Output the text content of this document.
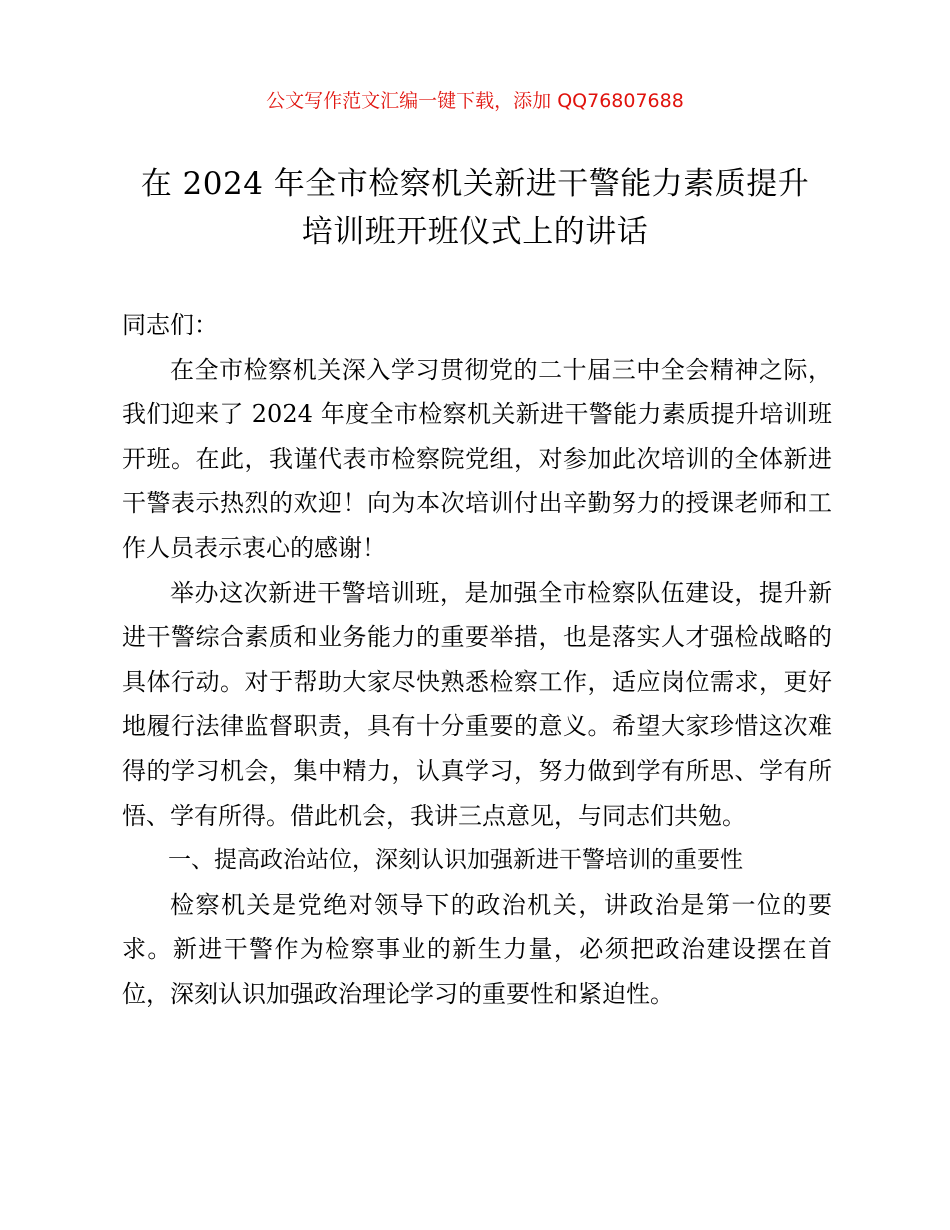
公文写作范文汇编一键下载，添加 QQ76807688
在 2024 年全市检察机关新进干警能力素质提升
培训班开班仪式上的讲话

同志们：

在全市检察机关深入学习贯彻党的二十届三中全会精神之际，我们迎来了 2024 年度全市检察机关新进干警能力素质提升培训班开班。在此，我谨代表市检察院党组，对参加此次培训的全体新进干警表示热烈的欢迎！向为本次培训付出辛勤努力的授课老师和工作人员表示衷心的感谢！

举办这次新进干警培训班，是加强全市检察队伍建设，提升新进干警综合素质和业务能力的重要举措，也是落实人才强检战略的具体行动。对于帮助大家尽快熟悉检察工作，适应岗位需求，更好地履行法律监督职责，具有十分重要的意义。希望大家珍惜这次难得的学习机会，集中精力，认真学习，努力做到学有所思、学有所悟、学有所得。借此机会，我讲三点意见，与同志们共勉。

一、提高政治站位，深刻认识加强新进干警培训的重要性

检察机关是党绝对领导下的政治机关，讲政治是第一位的要求。新进干警作为检察事业的新生力量，必须把政治建设摆在首位，深刻认识加强政治理论学习的重要性和紧迫性。
